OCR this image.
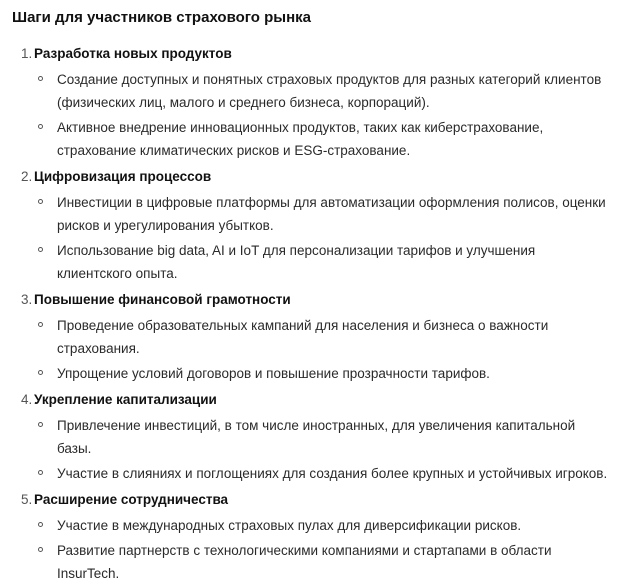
Шаги для участников страхового рынка
1. Разработка новых продуктов
Создание доступных и понятных страховых продуктов для разных категорий клиентов (физических лиц, малого и среднего бизнеса, корпораций).
Активное внедрение инновационных продуктов, таких как киберстрахование, страхование климатических рисков и ESG-страхование.
2. Цифровизация процессов
Инвестиции в цифровые платформы для автоматизации оформления полисов, оценки рисков и урегулирования убытков.
Использование big data, AI и IoT для персонализации тарифов и улучшения клиентского опыта.
3. Повышение финансовой грамотности
Проведение образовательных кампаний для населения и бизнеса о важности страхования.
Упрощение условий договоров и повышение прозрачности тарифов.
4. Укрепление капитализации
Привлечение инвестиций, в том числе иностранных, для увеличения капитальной базы.
Участие в слияниях и поглощениях для создания более крупных и устойчивых игроков.
5. Расширение сотрудничества
Участие в международных страховых пулах для диверсификации рисков.
Развитие партнерств с технологическими компаниями и стартапами в области InsurTech.
